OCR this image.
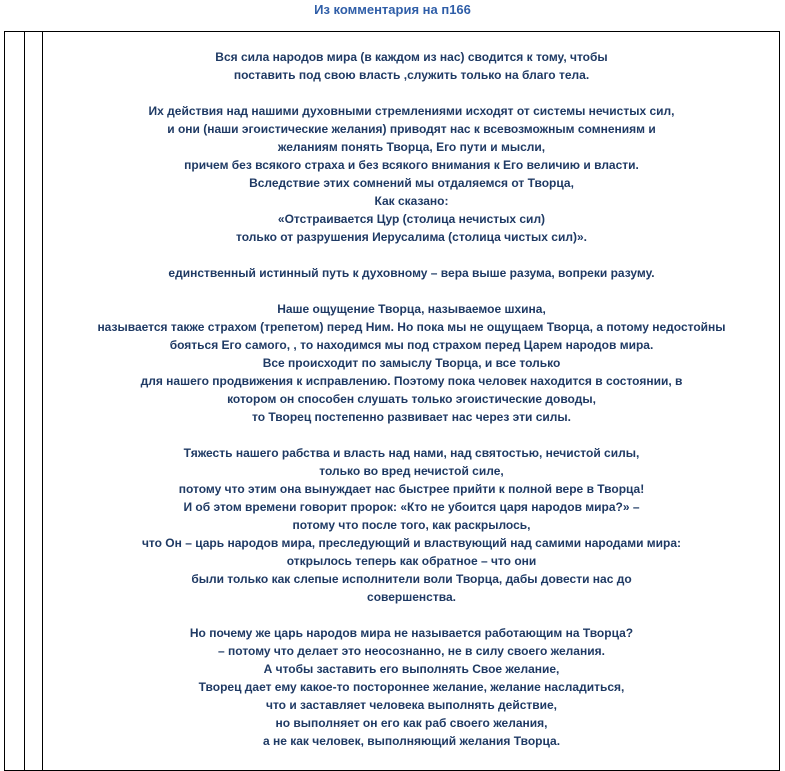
Из комментария на п166
Вся сила народов мира (в каждом из нас) сводится к тому, чтобы
поставить под свою власть ,служить только на благо тела.
Их действия над нашими духовными стремлениями исходят от системы нечистых сил,
и они (наши эгоистические желания) приводят нас к всевозможным сомнениям и
желаниям понять Творца, Его пути и мысли,
причем без всякого страха и без всякого внимания к Его величию и власти.
Вследствие этих сомнений мы отдаляемся от Творца,
Как сказано:
«Отстраивается Цур (столица нечистых сил)
только от разрушения Иерусалима (столица чистых сил)».
единственный истинный путь к духовному – вера выше разума, вопреки разуму.
Наше ощущение Творца, называемое шхина,
называется также страхом (трепетом) перед Ним. Но пока мы не ощущаем Творца, а потому недостойны
бояться Его самого, , то находимся мы под страхом перед Царем народов мира.
Все происходит по замыслу Творца, и все только
для нашего продвижения к исправлению. Поэтому пока человек находится в состоянии, в
котором он способен слушать только эгоистические доводы,
то Творец постепенно развивает нас через эти силы.
Тяжесть нашего рабства и власть над нами, над святостью, нечистой силы,
только во вред нечистой силе,
потому что этим она вынуждает нас быстрее прийти к полной вере в Творца!
И об этом времени говорит пророк: «Кто не убоится царя народов мира?» –
потому что после того, как раскрылось,
что Он – царь народов мира, преследующий и властвующий над самими народами мира:
открылось теперь как обратное – что они
были только как слепые исполнители воли Творца, дабы довести нас до
совершенства.
Но почему же царь народов мира не называется работающим на Творца?
– потому что делает это неосознанно, не в силу своего желания.
А чтобы заставить его выполнять Свое желание,
Творец дает ему какое-то постороннее желание, желание насладиться,
что и заставляет человека выполнять действие,
но выполняет он его как раб своего желания,
а не как человек, выполняющий желания Творца.
